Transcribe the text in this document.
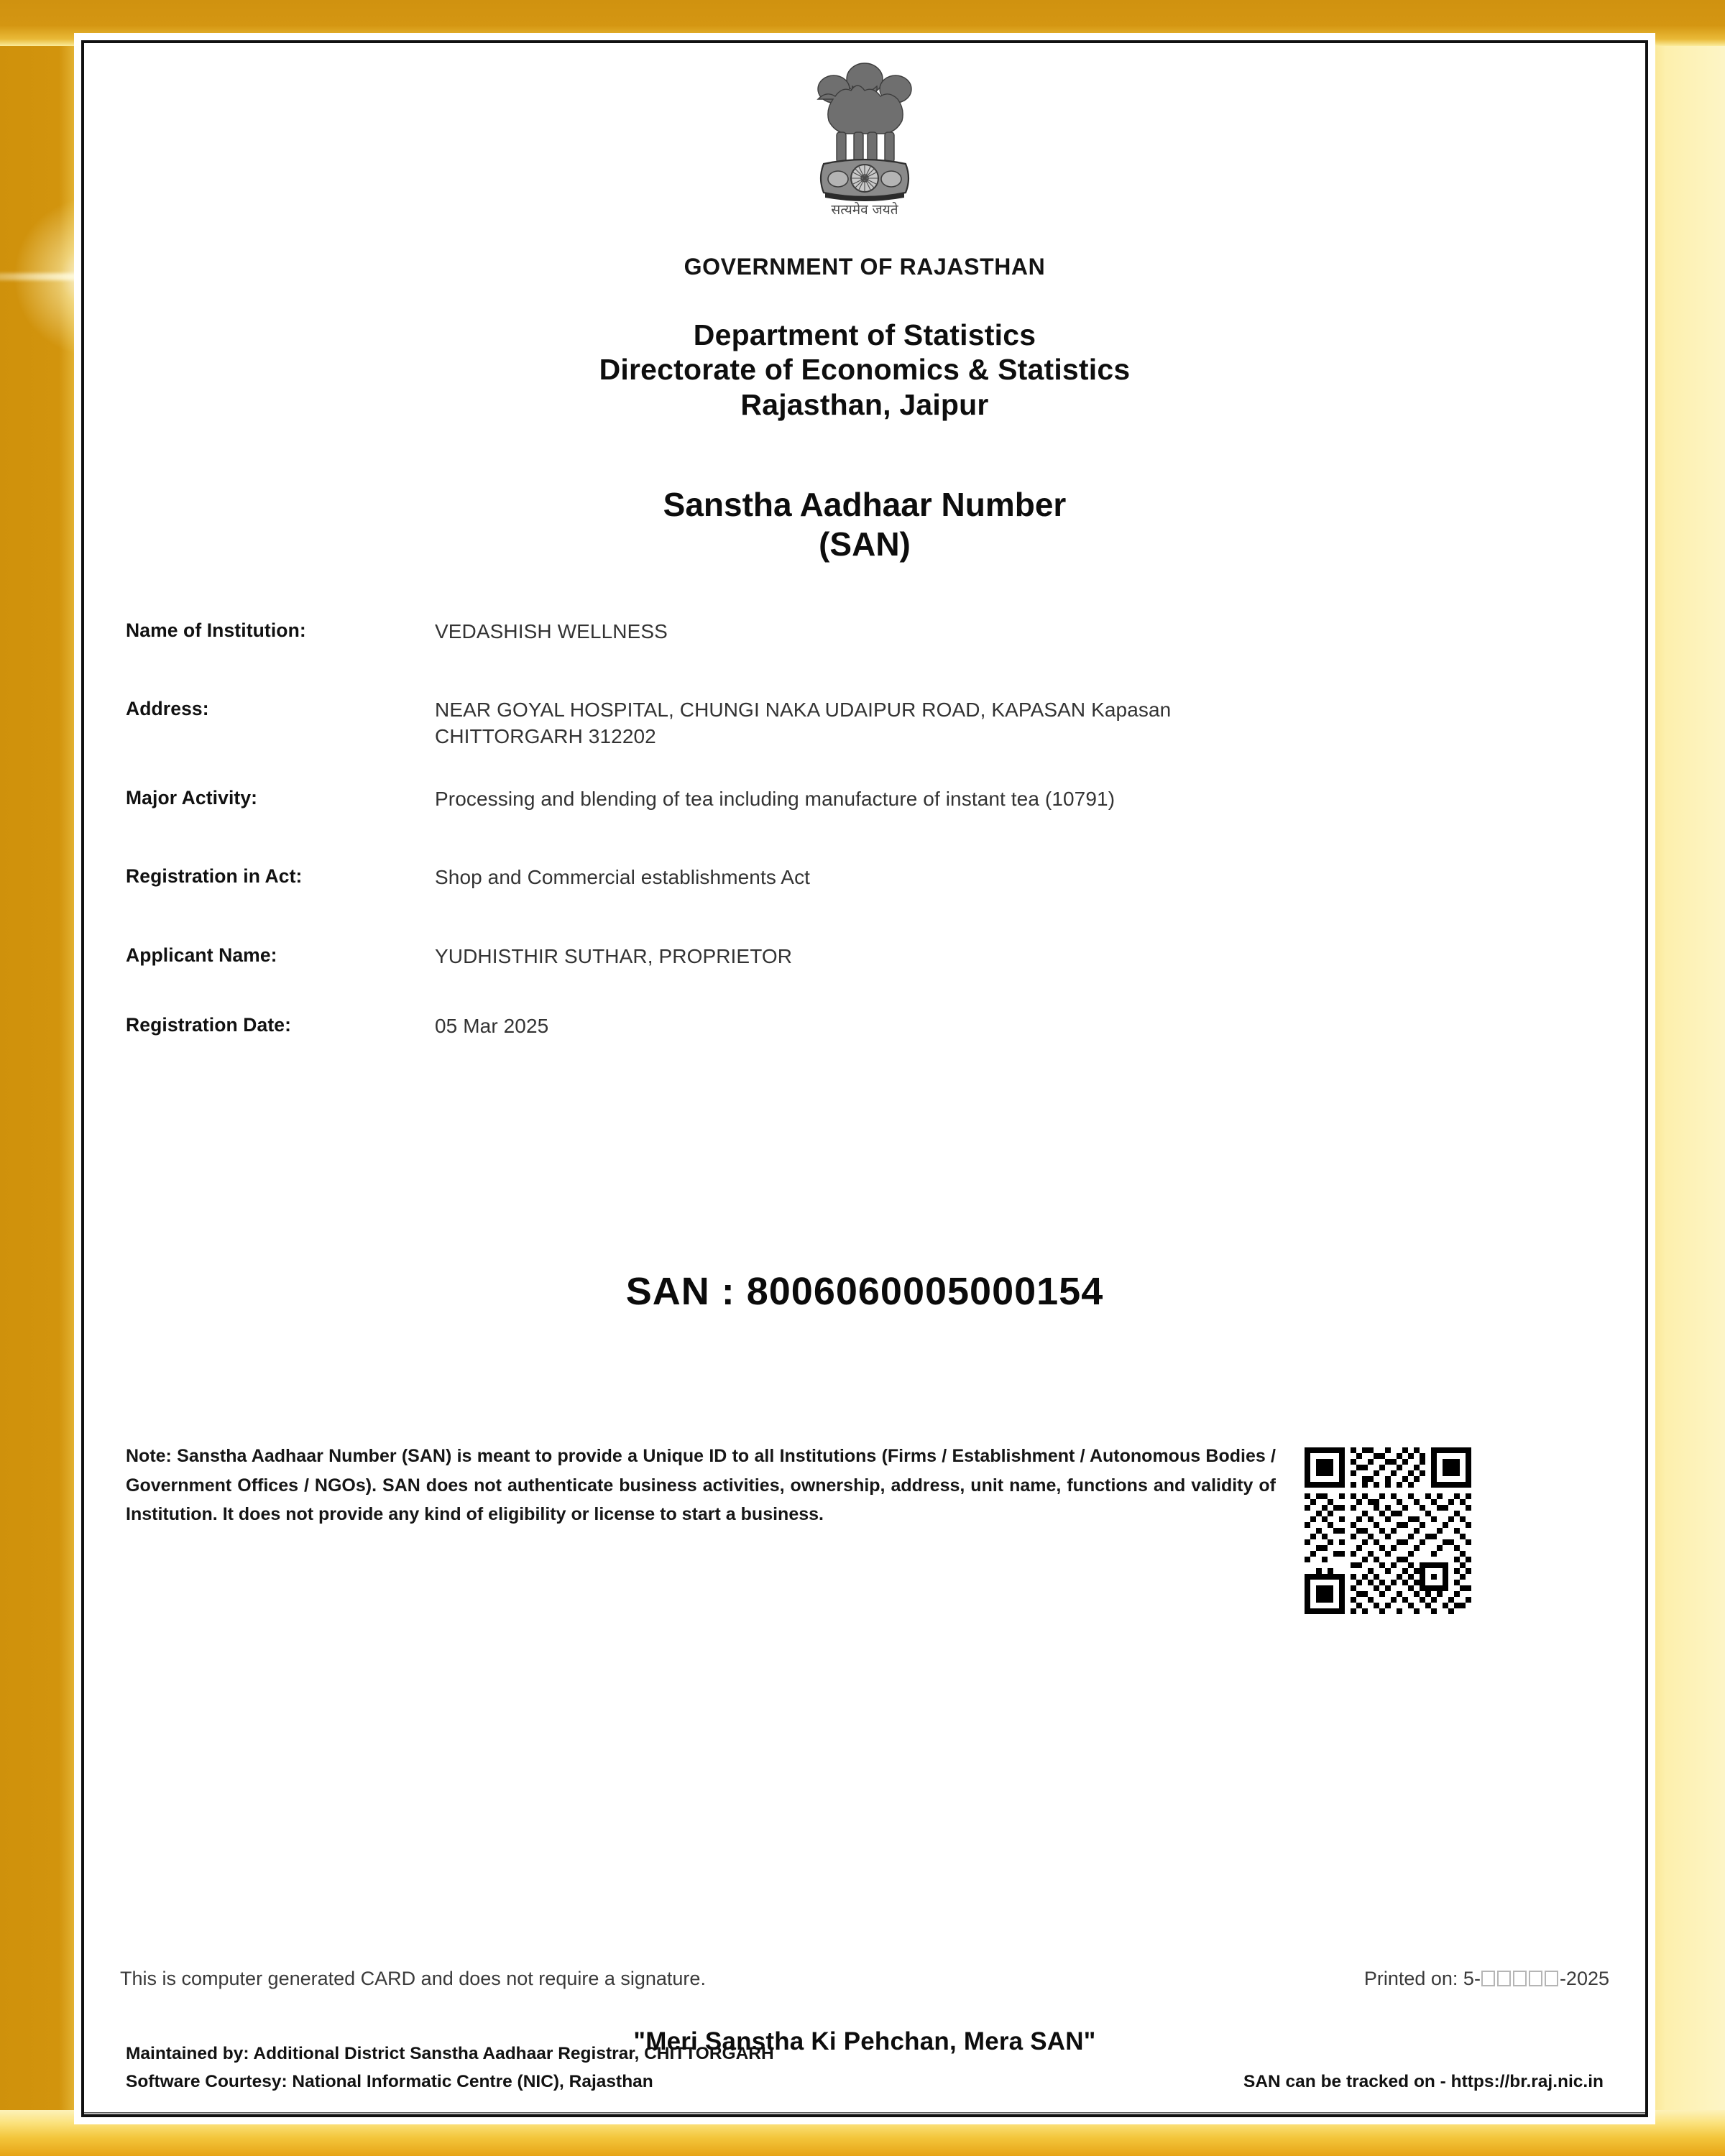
सत्यमेव जयते
GOVERNMENT OF RAJASTHAN
Department of Statistics
Directorate of Economics & Statistics
Rajasthan, Jaipur
Sanstha Aadhaar Number
(SAN)
Name of Institution:	VEDASHISH WELLNESS
Address:	NEAR GOYAL HOSPITAL, CHUNGI NAKA UDAIPUR ROAD, KAPASAN Kapasan
CHITTORGARH 312202
Major Activity:	Processing and blending of tea including manufacture of instant tea (10791)
Registration in Act:	Shop and Commercial establishments Act
Applicant Name:	YUDHISTHIR SUTHAR, PROPRIETOR
Registration Date:	05 Mar 2025
SAN : 8006060005000154
Note: Sanstha Aadhaar Number (SAN) is meant to provide a Unique ID to all Institutions (Firms / Establishment / Autonomous Bodies / Government Offices / NGOs). SAN does not authenticate business activities, ownership, address, unit name, functions and validity of Institution. It does not provide any kind of eligibility or license to start a business.
Maintained by: Additional District Sanstha Aadhaar Registrar, CHITTORGARH
Software Courtesy: National Informatic Centre (NIC), Rajasthan	SAN can be tracked on - https://br.raj.nic.in
This is computer generated CARD and does not require a signature.	Printed on: 5-	-2025
"Meri Sanstha Ki Pehchan, Mera SAN"
